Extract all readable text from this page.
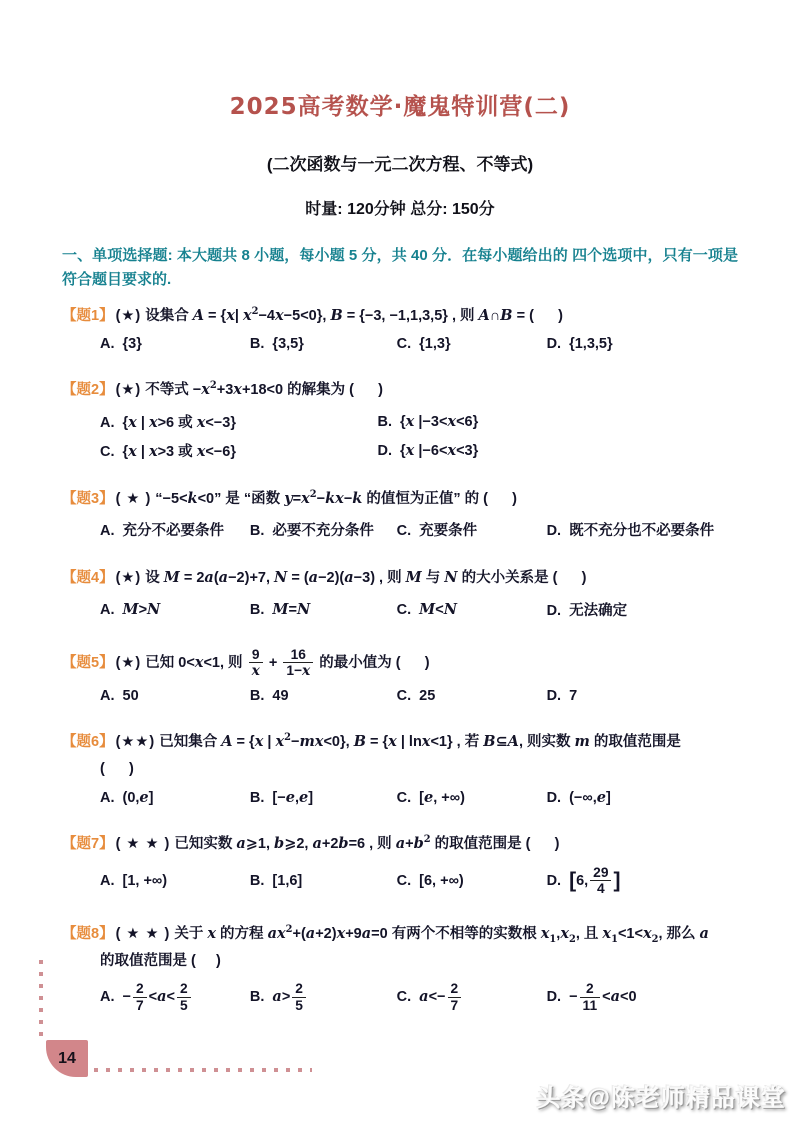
2025高考数学·魔鬼特训营(二)
(二次函数与一元二次方程、不等式)
时量: 120分钟 总分: 150分
一、单项选择题: 本大题共 8 小题，每小题 5 分，共 40 分．在每小题给出的 四个选项中，只有一项是符合题目要求的.
【题1】 (★) 设集合 A = {x| $x^2-4x-5<0$}, B = {−3, −1,1,3,5} , 则 A∩B = (      )
A. {3}	B. {3,5}	C. {1,3}	D. {1,3,5}
【题2】 (★) 不等式 $-x^2+3x+18<0$ 的解集为 (      )
A. {x | x>6 或 x<−3}	B. {x |−3<x<6}
C. {x | x>3 或 x<−6}	D. {x |−6<x<3}
【题3】 ( ★ ) “−5<k<0” 是 “函数 $y=x^2-kx-k$ 的值恒为正值” 的 (      )
A. 充分不必要条件	B. 必要不充分条件	C. 充要条件	D. 既不充分也不必要条件
【题4】 (★) 设 M = 2a(a−2)+7, N = (a−2)(a−3) , 则 M 与 N 的大小关系是 (      )
A. M>N	B. M=N	C. M<N	D. 无法确定
【题5】 (★) 已知 0<x<1, 则 $\frac{9}{x} + \frac{16}{1-x}$ 的最小值为 (      )
A. 50	B. 49	C. 25	D. 7
【题6】 (★★) 已知集合 A = {x | $x^2-mx<0$}, B = {x | lnx<1} , 若 B⊆A, 则实数 m 的取值范围是
(      )
A. (0,e]	B. [−e,e]	C. [e, +∞)	D. (−∞,e]
【题7】 ( ★ ★ ) 已知实数 a⩾1, b⩾2, a+2b=6 , 则 $a+b^2$ 的取值范围是 (      )
A. [1, +∞)	B. [1,6]	C. [6, +∞)	D. [6, $\frac{29}{4}$ ]
【题8】 ( ★ ★ ) 关于 x 的方程 $ax^2+(a+2)x+9a=0$ 有两个不相等的实数根 $x_1,x_2$, 且 $x_1<1<x_2$, 那么 a
的取值范围是 (     )
A. − $\frac{2}{7} <a< \frac{2}{5}$	B. $a> \frac{2}{5}$	C. $a<- \frac{2}{7}$	D. − $\frac{2}{11} <a<0$
14
头条@陈老师精品课堂
